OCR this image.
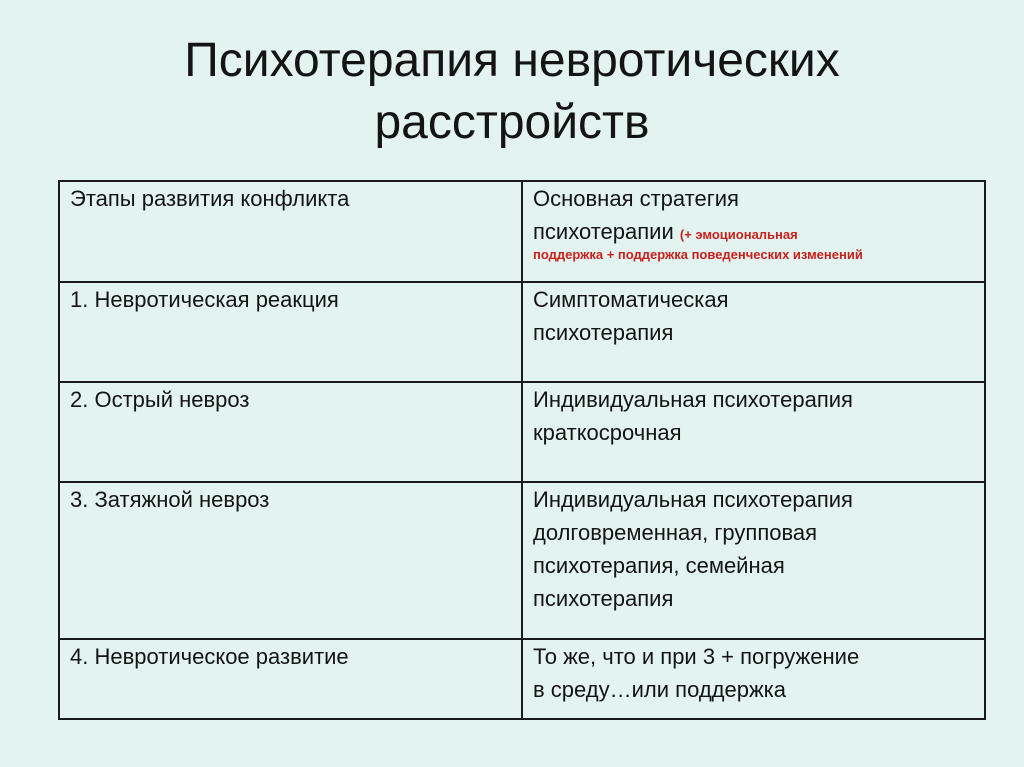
Психотерапия невротических
расстройств
Этапы развития конфликта	Основная стратегия
психотерапии (+ эмоциональная
поддержка + поддержка поведенческих изменений

1. Невротическая реакция	Симптоматическая
психотерапия

2. Острый невроз	Индивидуальная психотерапия
краткосрочная

3. Затяжной невроз	Индивидуальная психотерапия
долговременная, групповая
психотерапия, семейная
психотерапия

4. Невротическое развитие	То же, что и при 3 + погружение
в среду…или поддержка
